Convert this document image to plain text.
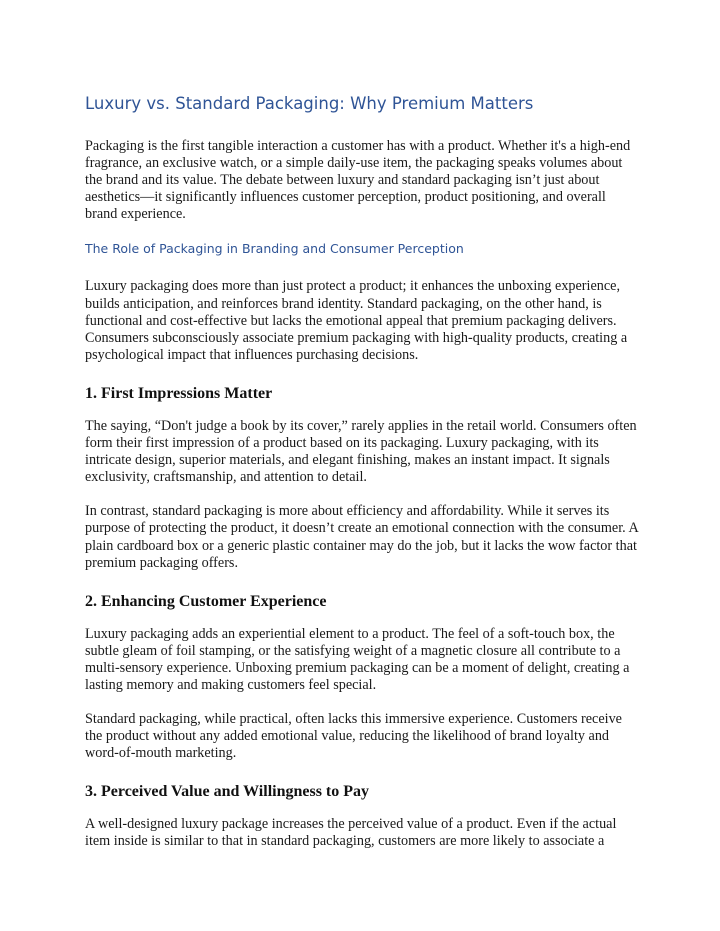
Luxury vs. Standard Packaging: Why Premium Matters

Packaging is the first tangible interaction a customer has with a product. Whether it's a high-end fragrance, an exclusive watch, or a simple daily-use item, the packaging speaks volumes about the brand and its value. The debate between luxury and standard packaging isn’t just about aesthetics—it significantly influences customer perception, product positioning, and overall brand experience.

The Role of Packaging in Branding and Consumer Perception

Luxury packaging does more than just protect a product; it enhances the unboxing experience, builds anticipation, and reinforces brand identity. Standard packaging, on the other hand, is functional and cost-effective but lacks the emotional appeal that premium packaging delivers. Consumers subconsciously associate premium packaging with high-quality products, creating a psychological impact that influences purchasing decisions.

1. First Impressions Matter

The saying, “Don't judge a book by its cover,” rarely applies in the retail world. Consumers often form their first impression of a product based on its packaging. Luxury packaging, with its intricate design, superior materials, and elegant finishing, makes an instant impact. It signals exclusivity, craftsmanship, and attention to detail.

In contrast, standard packaging is more about efficiency and affordability. While it serves its purpose of protecting the product, it doesn’t create an emotional connection with the consumer. A plain cardboard box or a generic plastic container may do the job, but it lacks the wow factor that premium packaging offers.

2. Enhancing Customer Experience

Luxury packaging adds an experiential element to a product. The feel of a soft-touch box, the subtle gleam of foil stamping, or the satisfying weight of a magnetic closure all contribute to a multi-sensory experience. Unboxing premium packaging can be a moment of delight, creating a lasting memory and making customers feel special.

Standard packaging, while practical, often lacks this immersive experience. Customers receive the product without any added emotional value, reducing the likelihood of brand loyalty and word-of-mouth marketing.

3. Perceived Value and Willingness to Pay

A well-designed luxury package increases the perceived value of a product. Even if the actual item inside is similar to that in standard packaging, customers are more likely to associate a
